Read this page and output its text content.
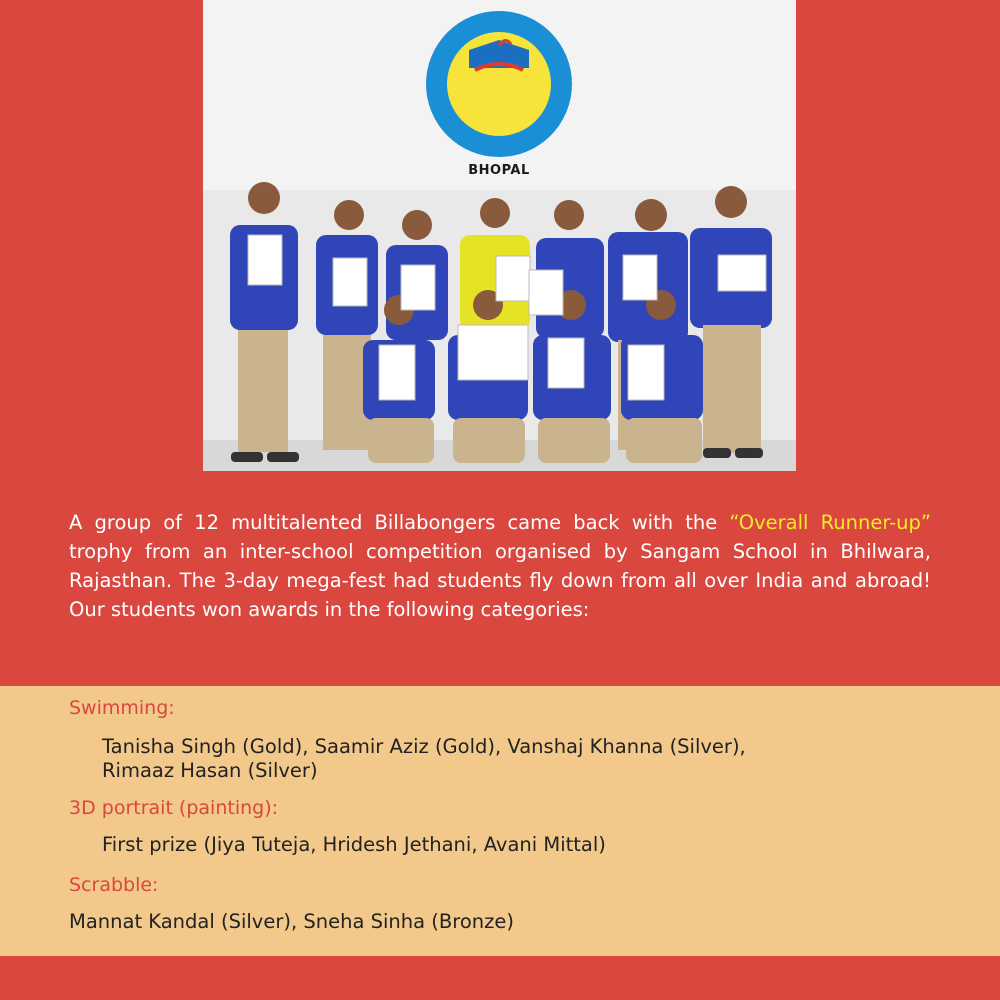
BHOPAL
A group of 12 multitalented Billabongers came back with the “Overall Runner-up” trophy from an inter-school competition organised by Sangam School in Bhilwara, Rajasthan. The 3-day mega-fest had students fly down from all over India and abroad! Our students won awards in the following categories:
Swimming:
Tanisha Singh (Gold), Saamir Aziz (Gold), Vanshaj Khanna (Silver),
Rimaaz Hasan (Silver)
3D portrait (painting):
First prize (Jiya Tuteja, Hridesh Jethani, Avani Mittal)
Scrabble:
Mannat Kandal (Silver), Sneha Sinha (Bronze)
